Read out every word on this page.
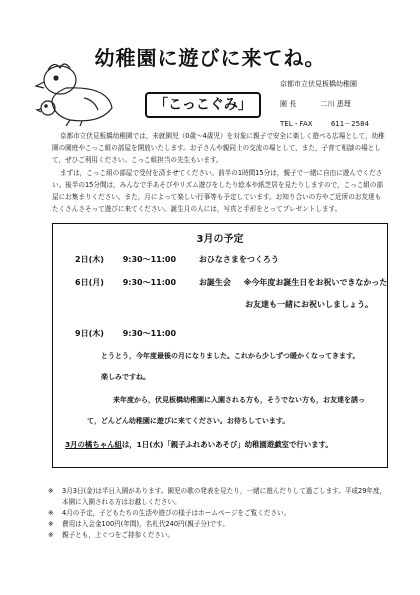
幼稚園に遊びに来てね。
「こっこぐみ」
京都市立伏見板橋幼稚園
園 長	二川 恵理
TEL・FAX	611－2584

京都市立伏見板橋幼稚園では，未就園児（0歳～4歳児）を対象に親子で安全に楽しく遊べる広場として，幼稚園の園庭やこっこ組の部屋を開放いたします。お子さんや親同士の交流の場として，また，子育て相談の場として，ぜひご利用ください。こっこ組担当の先生もいます。

まずは，こっこ組の部屋で受付を済ませてください。前半の1時間15分は，親子で一緒に自由に遊んでください。後半の15分間は，みんなで手あそびやリズム遊びをしたり絵本や紙芝居を見たりしますので，こっこ組の部屋にお集まりください。また，月によって楽しい行事等も予定しています。お知り合いの方やご近所のお友達もたくさんさそって遊びに来てください。誕生月の人には，写真と手形をとってプレゼントします。

3月の予定
2日(木) 9:30～11:00	おひなさまをつくろう
6日(月) 9:30～11:00	お誕生会 ※今年度お誕生日をお祝いできなかった
お友達も一緒にお祝いしましょう。
9日(木) 9:30～11:00
とうとう，今年度最後の月になりました。これから少しずつ暖かくなってきます。
楽しみですね。
来年度から，伏見板橋幼稚園に入園される方も，そうでない方も，お友達を誘っ
て，どんどん幼稚園に遊びに来てください。お待ちしています。
3月の橘ちゃん組は，1日(水)「親子ふれあいあそび」幼稚園遊戯室で行います。
※ 3月3日(金)は半日入園があります。園児の歌の発表を見たり，一緒に遊んだりして過ごします。平成29年度，本園に入園される方はお越しください。
※ 4月の予定，子どもたちの生活や遊びの様子はホームページをご覧ください。
※ 費用は入会金100円(年間)，名札代240円(親子分)です。
※ 親子とも，上ぐつをご持参ください。
